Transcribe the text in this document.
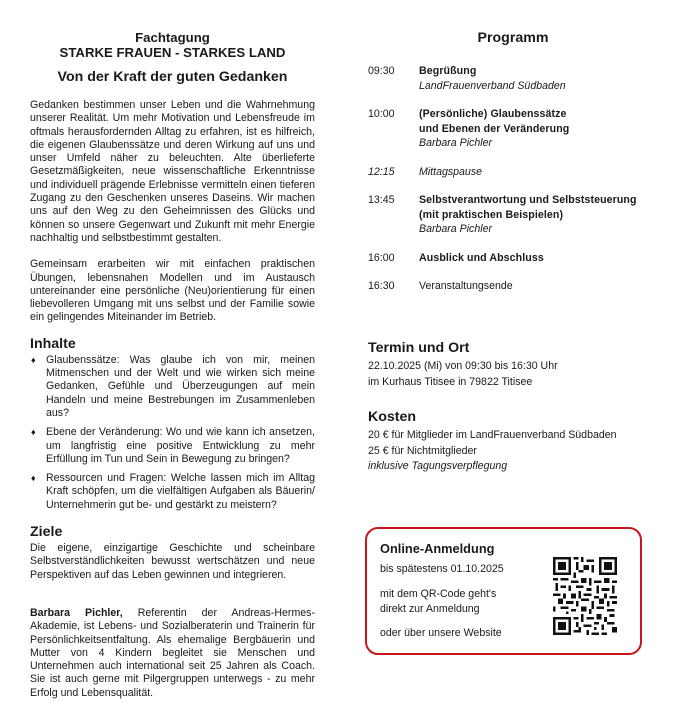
Fachtagung
STARKE FRAUEN - STARKES LAND
Von der Kraft der guten Gedanken

Gedanken bestimmen unser Leben und die Wahrnehmung unserer Realität. Um mehr Motivation und Lebensfreude im oftmals herausfordernden Alltag zu erfahren, ist es hilfreich, die eigenen Glaubenssätze und deren Wirkung auf uns und unser Umfeld näher zu beleuchten. Alte überlieferte Gesetzmäßigkeiten, neue wissenschaftliche Erkenntnisse und individuell prägende Erlebnisse vermitteln einen tieferen Zugang zu den Geschenken unseres Daseins. Wir machen uns auf den Weg zu den Geheimnissen des Glücks und können so unsere Gegenwart und Zukunft mit mehr Energie nachhaltig und selbstbestimmt gestalten.

Gemeinsam erarbeiten wir mit einfachen praktischen Übungen, lebensnahen Modellen und im Austausch untereinander eine persönliche (Neu)orientierung für einen liebevolleren Umgang mit uns selbst und der Familie sowie ein gelingendes Miteinander im Betrieb.

Inhalte
♦ Glaubenssätze: Was glaube ich von mir, meinen Mitmenschen und der Welt und wie wirken sich meine Gedanken, Gefühle und Überzeugungen auf mein Handeln und meine Bestrebungen im Zusammenleben aus?
♦ Ebene der Veränderung: Wo und wie kann ich ansetzen, um langfristig eine positive Entwicklung zu mehr Erfüllung im Tun und Sein in Bewegung zu bringen?
♦ Ressourcen und Fragen: Welche lassen mich im Alltag Kraft schöpfen, um die vielfältigen Aufgaben als Bäuerin/ Unternehmerin gut be- und gestärkt zu meistern?
Ziele

Die eigene, einzigartige Geschichte und scheinbare Selbstverständlichkeiten bewusst wertschätzen und neue Perspektiven auf das Leben gewinnen und integrieren.

Barbara Pichler, Referentin der Andreas-Hermes-Akademie, ist Lebens- und Sozialberaterin und Trainerin für Persönlichkeitsentfaltung. Als ehemalige Bergbäuerin und Mutter von 4 Kindern begleitet sie Menschen und Unternehmen auch international seit 25 Jahren als Coach. Sie ist auch gerne mit Pilgergruppen unterwegs - zu mehr Erfolg und Lebensqualität.

Programm
09:30	Begrüßung
LandFrauenverband Südbaden
10:00	(Persönliche) Glaubenssätze
und Ebenen der Veränderung
Barbara Pichler
12:15	Mittagspause
13:45	Selbstverantwortung und Selbststeuerung
(mit praktischen Beispielen)
Barbara Pichler
16:00	Ausblick und Abschluss
16:30	Veranstaltungsende
Termin und Ort
22.10.2025 (Mi) von 09:30 bis 16:30 Uhr
im Kurhaus Titisee in 79822 Titisee
Kosten
20 € für Mitglieder im LandFrauenverband Südbaden
25 € für Nichtmitglieder
inklusive Tagungsverpflegung
Online-Anmeldung
bis spätestens 01.10.2025
mit dem QR-Code geht's
direkt zur Anmeldung
oder über unsere Website
